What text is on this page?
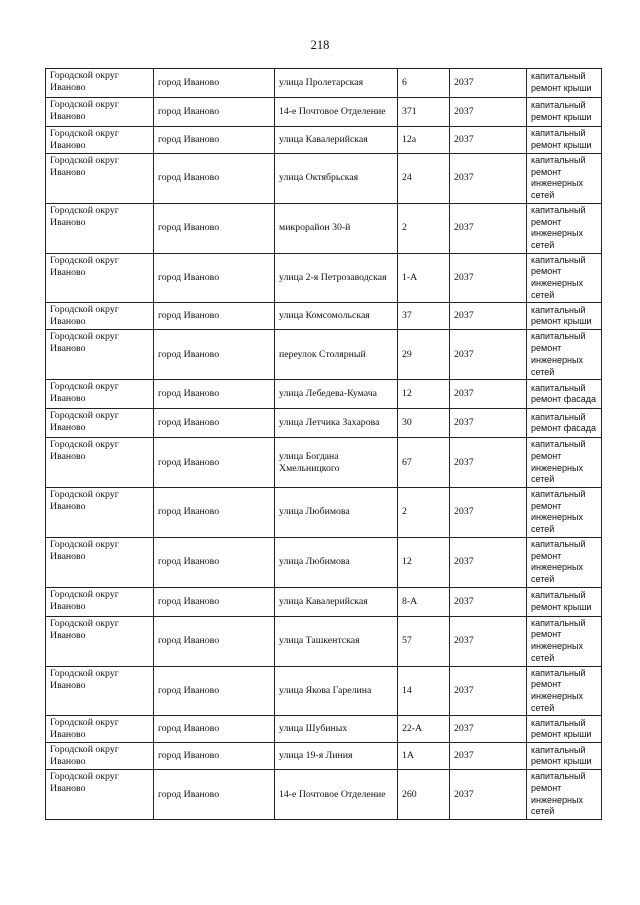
218
Городской округ Иваново	город Иваново	улица Пролетарская	6	2037	капитальный ремонт крыши
Городской округ Иваново	город Иваново	14-е Почтовое Отделение	371	2037	капитальный ремонт крыши
Городской округ Иваново	город Иваново	улица Кавалерийская	12а	2037	капитальный ремонт крыши
Городской округ Иваново	город Иваново	улица Октябрьская	24	2037	капитальный ремонт инженерных сетей
Городской округ Иваново	город Иваново	микрорайон 30-й	2	2037	капитальный ремонт инженерных сетей
Городской округ Иваново	город Иваново	улица 2-я Петрозаводская	1-А	2037	капитальный ремонт инженерных сетей
Городской округ Иваново	город Иваново	улица Комсомольская	37	2037	капитальный ремонт крыши
Городской округ Иваново	город Иваново	переулок Столярный	29	2037	капитальный ремонт инженерных сетей
Городской округ Иваново	город Иваново	улица Лебедева-Кумача	12	2037	капитальный ремонт фасада
Городской округ Иваново	город Иваново	улица Летчика Захарова	30	2037	капитальный ремонт фасада
Городской округ Иваново	город Иваново	улица Богдана Хмельницкого	67	2037	капитальный ремонт инженерных сетей
Городской округ Иваново	город Иваново	улица Любимова	2	2037	капитальный ремонт инженерных сетей
Городской округ Иваново	город Иваново	улица Любимова	12	2037	капитальный ремонт инженерных сетей
Городской округ Иваново	город Иваново	улица Кавалерийская	8-А	2037	капитальный ремонт крыши
Городской округ Иваново	город Иваново	улица Ташкентская	57	2037	капитальный ремонт инженерных сетей
Городской округ Иваново	город Иваново	улица Якова Гарелина	14	2037	капитальный ремонт инженерных сетей
Городской округ Иваново	город Иваново	улица Шубиных	22-А	2037	капитальный ремонт крыши
Городской округ Иваново	город Иваново	улица 19-я Линия	1А	2037	капитальный ремонт крыши
Городской округ Иваново	город Иваново	14-е Почтовое Отделение	260	2037	капитальный ремонт инженерных сетей
